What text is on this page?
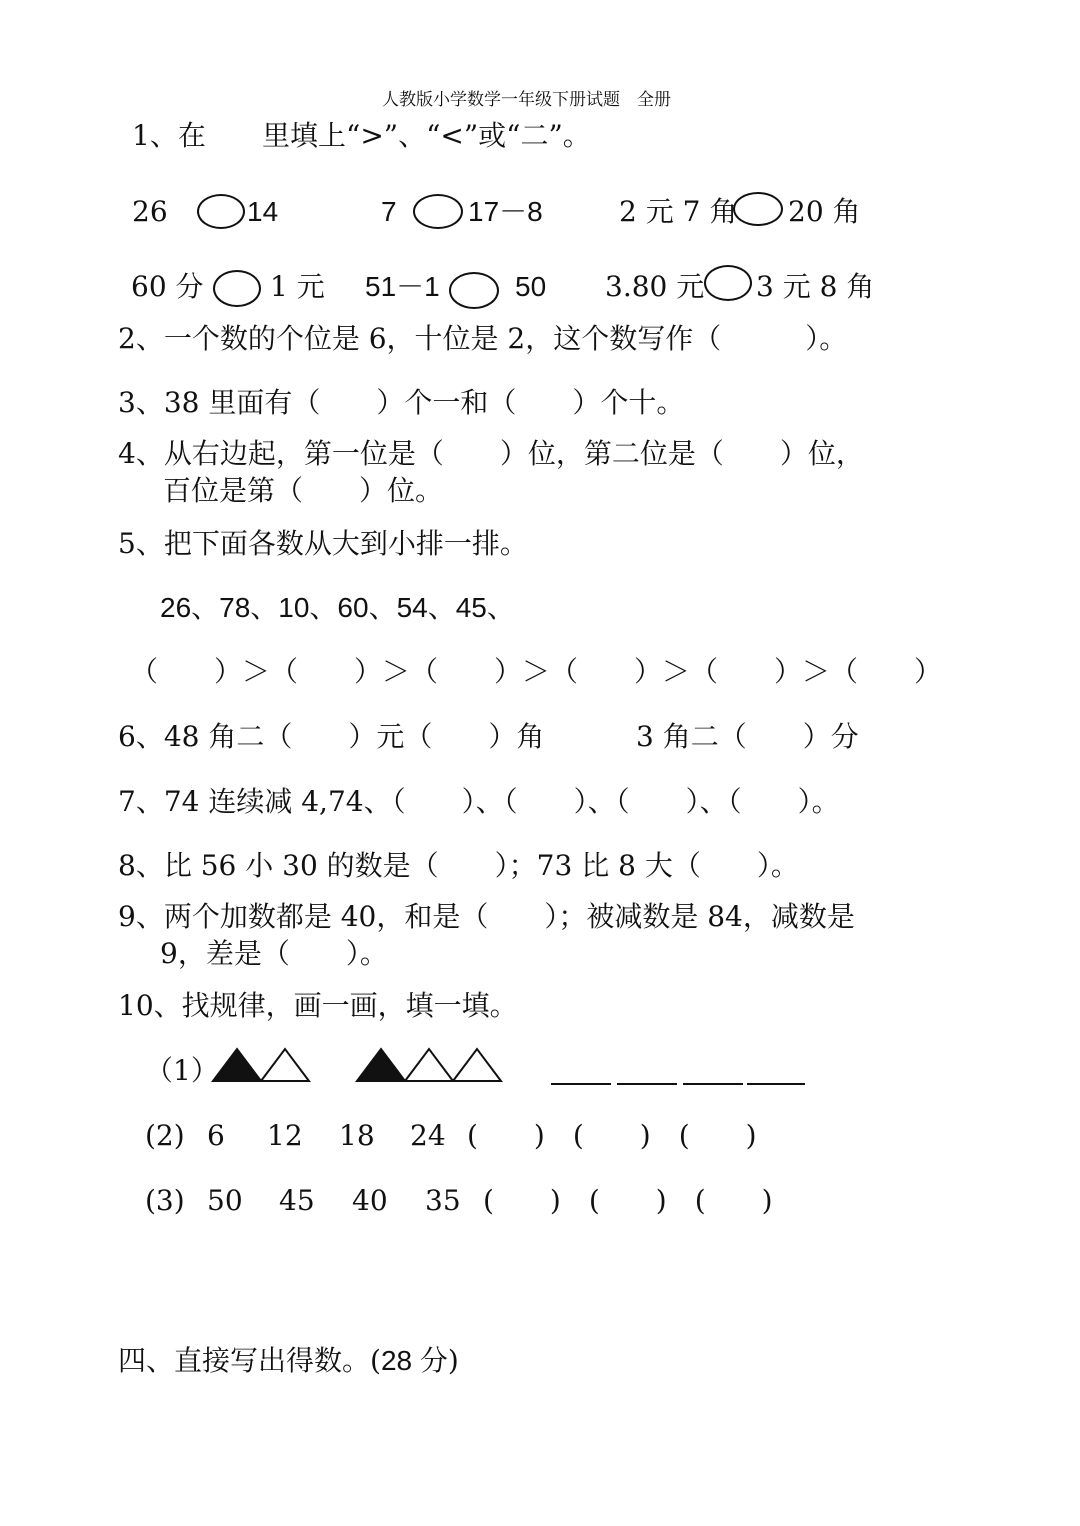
人教版小学数学一年级下册试题　全册
1、在 里填上“>”、“<”或“二”。
26	14	7	17－8	2 元 7 角 20 角
60 分 1 元 51－1	50 3.80 元 3 元 8 角
2、一个数的个位是 6，十位是 2，这个数写作（　　　）。
3、38 里面有（　　）个一和（　　）个十。
4、从右边起，第一位是（　　）位，第二位是（　　）位，
百位是第（　　）位。
5、把下面各数从大到小排一排。
26、78、10、60、54、45、
（　　）＞（　　）＞（　　）＞（　　）＞（　　）＞（　　）
6、48 角二（　　）元（　　）角	3 角二（　　）分
7、74 连续减 4,74、（　　）、（　　）、（　　）、（　　）。
8、比 56 小 30 的数是（　　）；73 比 8 大（　　）。
9、两个加数都是 40，和是（　　）；被减数是 84，减数是
9，差是（　　）。
10、找规律，画一画，填一填。
（1）
(2) 6 12 18 24 (　　)　(　　)　(　　)
(3) 50 45 40 35 (　　)　(　　)　(　　)
四、直接写出得数。(28 分)
